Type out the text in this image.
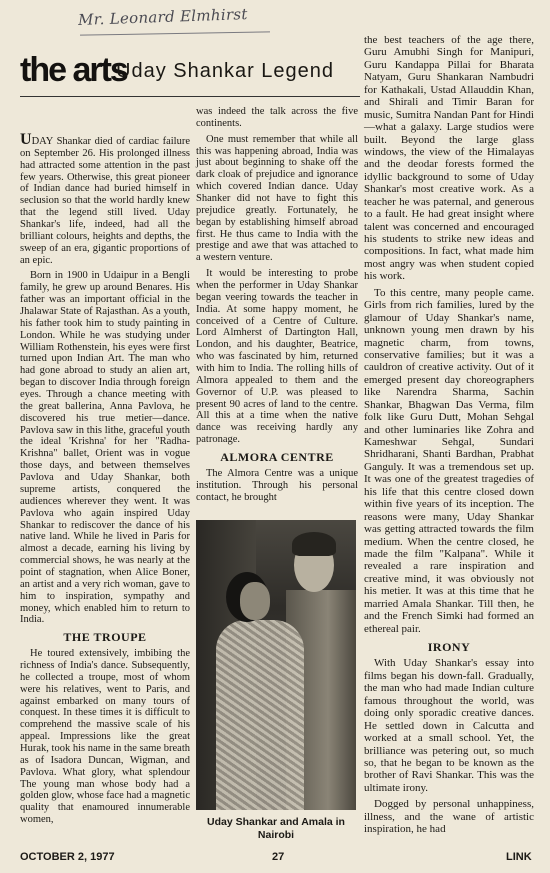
Mr. Leonard Elmhirst
the arts
Uday Shankar Legend

UDAY Shankar died of cardiac failure on September 26. His prolonged illness had attracted some attention in the past few years. Otherwise, this great pioneer of Indian dance had buried himself in seclusion so that the world hardly knew that the legend still lived. Uday Shankar's life, indeed, had all the brilliant colours, heights and depths, the sweep of an era, gigantic proportions of an epic.

Born in 1900 in Udaipur in a Bengli family, he grew up around Benares. His father was an important official in the Jhalawar State of Rajasthan. As a youth, his father took him to study painting in London. While he was studying under William Rothenstein, his eyes were first turned upon Indian Art. The man who had gone abroad to study an alien art, began to discover India through foreign eyes. Through a chance meeting with the great ballerina, Anna Pavlova, he discovered his true metier—dance. Pavlova saw in this lithe, graceful youth the ideal 'Krishna' for her "Radha-Krishna" ballet, Orient was in vogue those days, and between themselves Pavlova and Uday Shankar, both supreme artists, conquered the audiences wherever they went. It was Pavlova who again inspired Uday Shankar to rediscover the dance of his native land. While he lived in Paris for almost a decade, earning his living by commercial shows, he was nearly at the point of stagnation, when Alice Boner, an artist and a very rich woman, gave to him to inspiration, sympathy and money, which enabled him to return to India.

THE TROUPE

He toured extensively, imbibing the richness of India's dance. Subsequently, he collected a troupe, most of whom were his relatives, went to Paris, and against embarked on many tours of conquest. In these times it is difficult to comprehend the massive scale of his appeal. Impressions like the great Hurak, took his name in the same breath as of Isadora Duncan, Wigman, and Pavlova. What glory, what splendour The young man whose body had a golden glow, whose face had a magnetic quality that enamoured innumerable women,

was indeed the talk across the five continents.

One must remember that while all this was happening abroad, India was just about beginning to shake off the dark cloak of prejudice and ignorance which covered Indian dance. Uday Shanker did not have to fight this prejudice greatly. Fortunately, he began by establishing himself abroad first. He thus came to India with the prestige and awe that was attached to a western venture.

It would be interesting to probe when the performer in Uday Shankar began veering towards the teacher in India. At some happy moment, he conceived of a Centre of Culture. Lord Almherst of Dartington Hall, London, and his daughter, Beatrice, who was fascinated by him, returned with him to India. The rolling hills of Almora appealed to them and the Governor of U.P. was pleased to present 90 acres of land to the centre. All this at a time when the native dance was receiving hardly any patronage.

ALMORA CENTRE

The Almora Centre was a unique institution. Through his personal contact, he brought

Uday Shankar and Amala in Nairobi

the best teachers of the age there, Guru Amubhi Singh for Manipuri, Guru Kandappa Pillai for Bharata Natyam, Guru Shankaran Nambudri for Kathakali, Ustad Allauddin Khan, and Shirali and Timir Baran for music, Sumitra Nandan Pant for Hindi —what a galaxy. Large studios were built. Beyond the large glass windows, the view of the Himalayas and the deodar forests formed the idyllic background to some of Uday Shankar's most creative work. As a teacher he was paternal, and generous to a fault. He had great insight where talent was concerned and encouraged his students to strike new ideas and compositions. In fact, what made him most angry was when student copied his work.

To this centre, many people came. Girls from rich families, lured by the glamour of Uday Shankar's name, unknown young men drawn by his magnetic charm, from towns, conservative families; but it was a cauldron of creative activity. Out of it emerged present day choreographers like Narendra Sharma, Sachin Shankar, Bhagwan Das Verma, film folk like Guru Dutt, Mohan Sehgal and other luminaries like Zohra and Kameshwar Sehgal, Sundari Shridharani, Shanti Bardhan, Prabhat Ganguly. It was a tremendous set up. It was one of the greatest tragedies of his life that this centre closed down within five years of its inception. The reasons were many, Uday Shankar was getting attracted towards the film medium. When the centre closed, he made the film "Kalpana". While it revealed a rare inspiration and creative mind, it was obviously not his metier. It was at this time that he married Amala Shankar. Till then, he and the French Simki had formed an ethereal pair.

IRONY

With Uday Shankar's essay into films began his down-fall. Gradually, the man who had made Indian culture famous throughout the world, was doing only sporadic creative dances. He settled down in Calcutta and worked at a small school. Yet, the brilliance was petering out, so much so, that he began to be known as the brother of Ravi Shankar. This was the ultimate irony.

Dogged by personal unhappiness, illness, and the wane of artistic inspiration, he had

OCTOBER 2, 1977	27	LINK
